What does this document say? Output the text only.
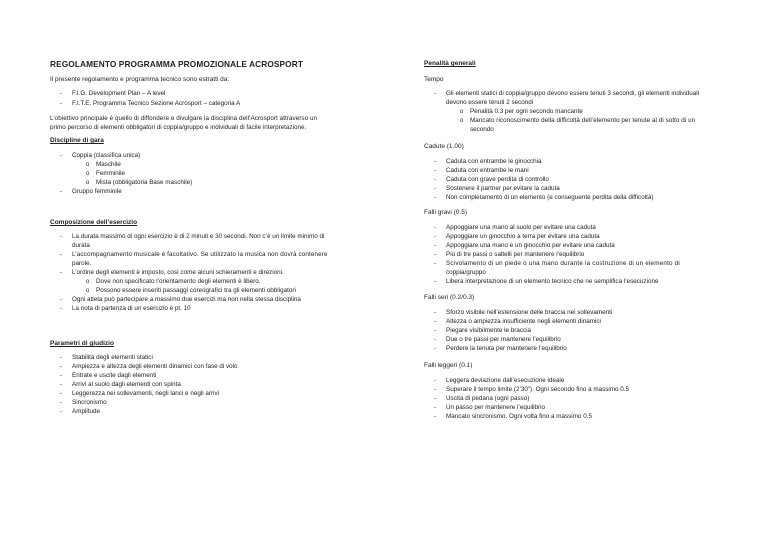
REGOLAMENTO PROGRAMMA PROMOZIONALE ACROSPORT
Il presente regolamento e programma tecnico sono estratti da:
- F.I.G. Development Plan – A level
- F.I.T.E. Programma Tecnico Sezione Acrosport – categoria A
L’obiettivo principale è quello di diffondere e divulgare la disciplina dell’Acrosport attraverso un
primo percorso di elementi obbligatori di coppia/gruppo e individuali di facile interpretazione.
Discipline di gara
- Coppia (classifica unica)
o Maschile
o Femminile
o Mista (obbligatoria Base maschile)
- Gruppo femminile
Composizione dell’esercizio
- La durata massimo di ogni esercizio è di 2 minuti e 30 secondi. Non c’è un limite minimo di
durata
- L’accompagnamento musicale è facoltativo. Se utilizzato la musica non dovrà contenere
parole.
- L’ordine degli elementi è imposto, così come alcuni schieramenti e direzioni.
o Dove non specificato l’orientamento degli elementi è libero.
o Possono essere inseriti passaggi coreografici tra gli elementi obbligatori
- Ogni atleta può partecipare a massimo due esercizi ma non nella stessa disciplina
- La nota di partenza di un esercizio è pt. 10
Parametri di giudizio
- Stabilità degli elementi statici
- Ampiezza e altezza degli elementi dinamici con fase di volo
- Entrate e uscite dagli elementi
- Arrivi al suolo dagli elementi con spinta
- Leggerezza nei sollevamenti, negli lanci e negli arrivi
- Sincronismo
- Amplitude
Penalità generali
Tempo
- Gli elementi statici di coppia/gruppo devono essere tenuti 3 secondi, gli elementi individuali
devono essere tenuti 2 secondi
o Penalità 0.3 per ogni secondo mancante
o Mancato riconoscimento della difficoltà dell’elemento per tenute al di sotto di un
secondo
Cadute (1.00)
- Caduta con entrambe le ginocchia
- Caduta con entrambe le mani
- Caduta con grave perdita di controllo
- Sostenere il partner per evitare la caduta
- Non completamento di un elemento (e conseguente perdita della difficoltà)
Falli gravi (0.5)
- Appoggiare una mano al suolo per evitare una caduta
- Appoggiare un ginocchio a terra per evitare una caduta
- Appoggiare una mano e un ginocchio per evitare una caduta
- Più di tre passi o saltelli per mantenere l’equilibrio
- Scivolamento di un piede o una mano durante la costruzione di un elemento di
coppia/gruppo
- Libera interpretazione di un elemento tecnico che ne semplifica l’esecuzione
Falli seri (0.2/0.3)
- Sforzo visibile nell’estensione delle braccia nei sollevamenti
- Altezza o ampiezza insufficiente negli elementi dinamici
- Piegare visibilmente le braccia
- Due o tre passi per mantenere l’equilibrio
- Perdere la tenuta per mantenere l’equilibrio
Falli leggeri (0.1)
- Leggera deviazione dall’esecuzione ideale
- Superare il tempo limite (2’30”). Ogni secondo fino a massimo 0.5
- Uscita di pedana (ogni passo)
- Un passo per mantenere l’equilibrio
- Mancato sincronismo. Ogni volta fino a massimo 0.5
